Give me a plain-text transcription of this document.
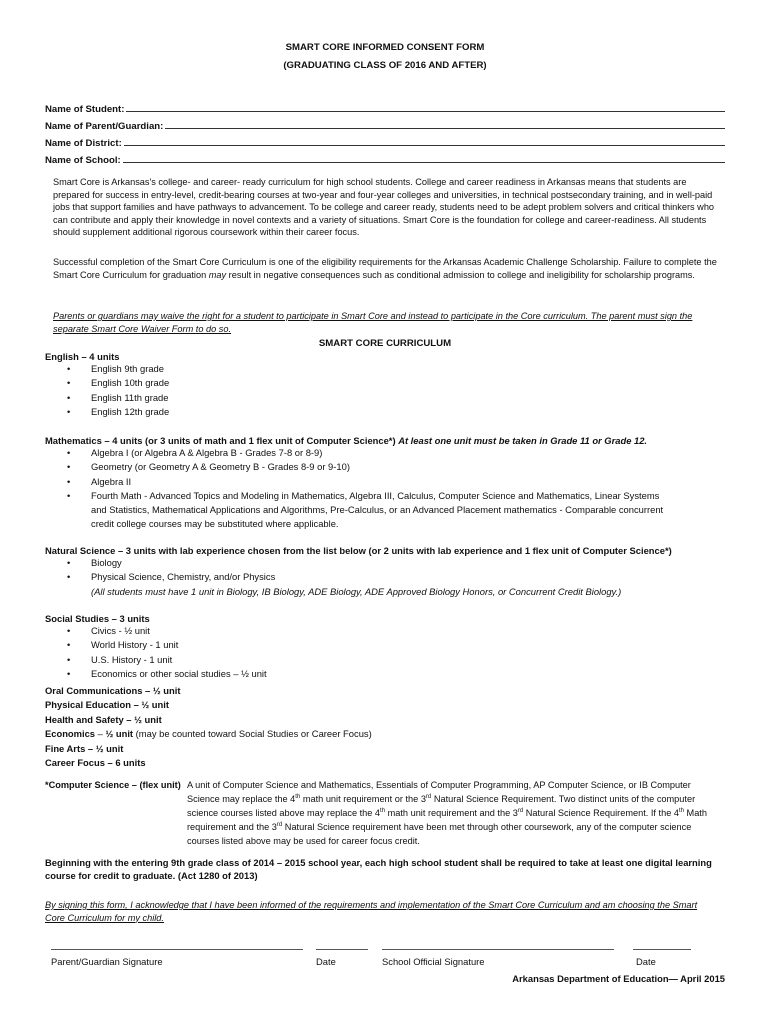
SMART CORE INFORMED CONSENT FORM
(GRADUATING CLASS OF 2016 AND AFTER)
Name of Student:
Name of Parent/Guardian:
Name of District:
Name of School:
Smart Core is Arkansas's college- and career- ready curriculum for high school students. College and career readiness in Arkansas means that students are prepared for success in entry-level, credit-bearing courses at two-year and four-year colleges and universities, in technical postsecondary training, and in well-paid jobs that support families and have pathways to advancement. To be college and career ready, students need to be adept problem solvers and critical thinkers who can contribute and apply their knowledge in novel contexts and a variety of situations. Smart Core is the foundation for college and career-readiness. All students should supplement additional rigorous coursework within their career focus.
Successful completion of the Smart Core Curriculum is one of the eligibility requirements for the Arkansas Academic Challenge Scholarship. Failure to complete the Smart Core Curriculum for graduation may result in negative consequences such as conditional admission to college and ineligibility for scholarship programs.
Parents or guardians may waive the right for a student to participate in Smart Core and instead to participate in the Core curriculum. The parent must sign the separate Smart Core Waiver Form to do so.
SMART CORE CURRICULUM
English – 4 units
• English 9th grade
• English 10th grade
• English 11th grade
• English 12th grade
Mathematics – 4 units (or 3 units of math and 1 flex unit of Computer Science*) At least one unit must be taken in Grade 11 or Grade 12.
• Algebra I (or Algebra A & Algebra B - Grades 7-8 or 8-9)
• Geometry (or Geometry A & Geometry B - Grades 8-9 or 9-10)
• Algebra II
• Fourth Math - Advanced Topics and Modeling in Mathematics, Algebra III, Calculus, Computer Science and Mathematics, Linear Systems and Statistics, Mathematical Applications and Algorithms, Pre-Calculus, or an Advanced Placement mathematics - Comparable concurrent credit college courses may be substituted where applicable.
Natural Science – 3 units with lab experience chosen from the list below (or 2 units with lab experience and 1 flex unit of Computer Science*)
• Biology
• Physical Science, Chemistry, and/or Physics
(All students must have 1 unit in Biology, IB Biology, ADE Biology, ADE Approved Biology Honors, or Concurrent Credit Biology.)
Social Studies – 3 units
• Civics - ½ unit
• World History - 1 unit
• U.S. History - 1 unit
• Economics or other social studies – ½ unit
Oral Communications – ½ unit
Physical Education – ½ unit
Health and Safety – ½ unit
Economics – ½ unit (may be counted toward Social Studies or Career Focus)
Fine Arts – ½ unit
Career Focus – 6 units
*Computer Science – (flex unit) A unit of Computer Science and Mathematics, Essentials of Computer Programming, AP Computer Science, or IB Computer Science may replace the 4th math unit requirement or the 3rd Natural Science Requirement. Two distinct units of the computer science courses listed above may replace the 4th math unit requirement and the 3rd Natural Science Requirement. If the 4th Math requirement and the 3rd Natural Science requirement have been met through other coursework, any of the computer science courses listed above may be used for career focus credit.
Beginning with the entering 9th grade class of 2014 – 2015 school year, each high school student shall be required to take at least one digital learning course for credit to graduate. (Act 1280 of 2013)
By signing this form, I acknowledge that I have been informed of the requirements and implementation of the Smart Core Curriculum and am choosing the Smart Core Curriculum for my child.
Parent/Guardian Signature	Date	School Official Signature	Date
Arkansas Department of Education— April 2015
